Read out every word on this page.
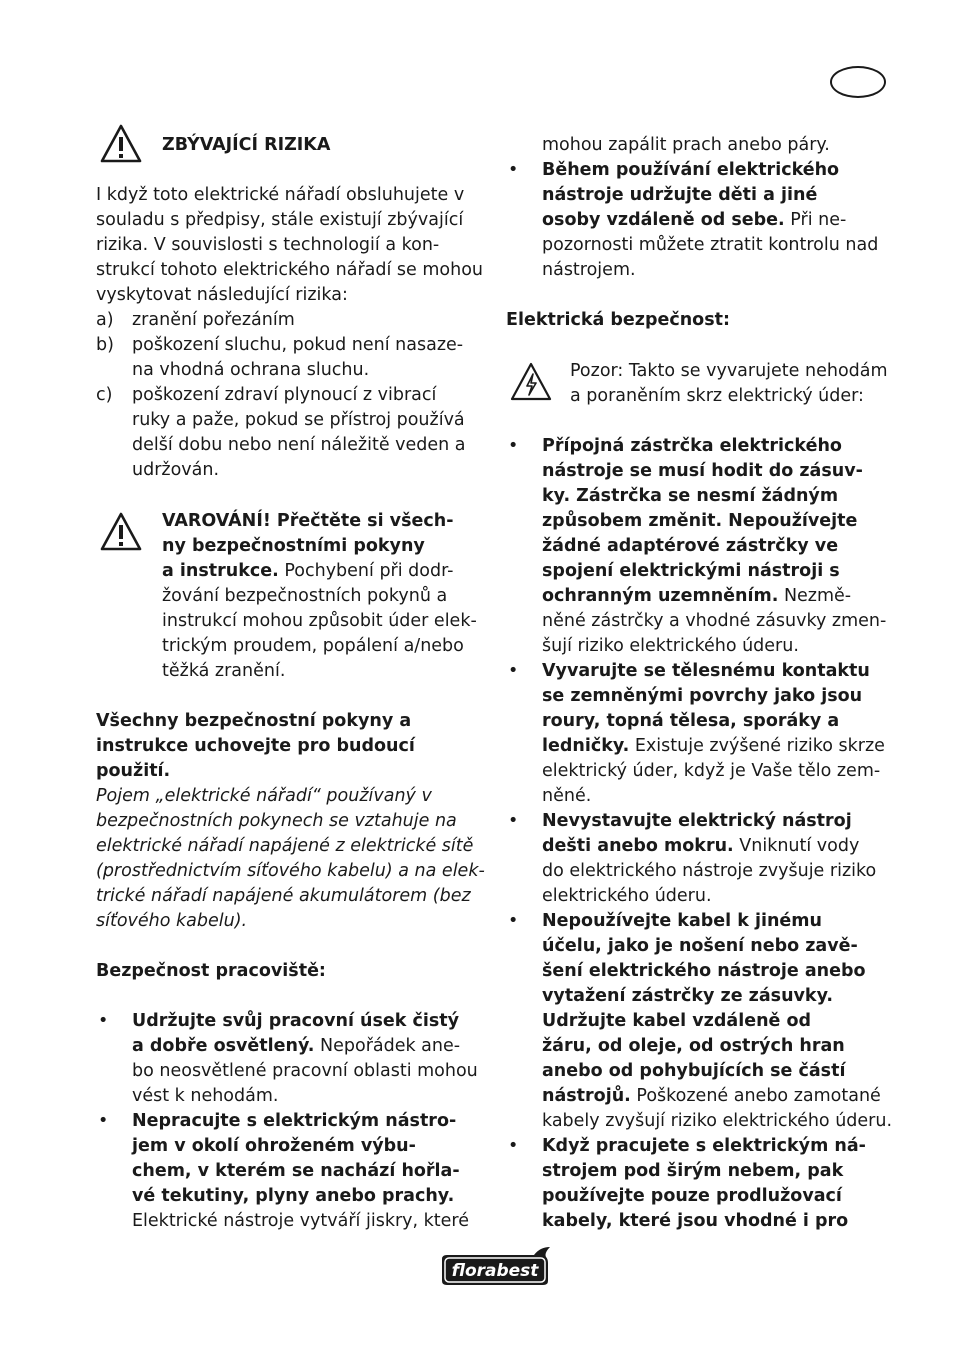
ZBÝVAJÍCÍ RIZIKA
I když toto elektrické nářadí obsluhujete v
souladu s předpisy, stále existují zbývající
rizika. V souvislosti s technologií a kon-
strukcí tohoto elektrického nářadí se mohou
vyskytovat následující rizika:
a) zranění pořezáním
b) poškození sluchu, pokud není nasaze-
na vhodná ochrana sluchu.
c) poškození zdraví plynoucí z vibrací
ruky a paže, pokud se přístroj používá
delší dobu nebo není náležitě veden a
udržován.
VAROVÁNÍ! Přečtěte si všech-
ny bezpečnostními pokyny
a instrukce. Pochybení při dodr-
žování bezpečnostních pokynů a
instrukcí mohou způsobit úder elek-
trickým proudem, popálení a/nebo
těžká zranění.
Všechny bezpečnostní pokyny a
instrukce uchovejte pro budoucí
použití.
Pojem „elektrické nářadí“ používaný v
bezpečnostních pokynech se vztahuje na
elektrické nářadí napájené z elektrické sítě
(prostřednictvím síťového kabelu) a na elek-
trické nářadí napájené akumulátorem (bez
síťového kabelu).
Bezpečnost pracoviště:
• Udržujte svůj pracovní úsek čistý
a dobře osvětlený. Nepořádek ane-
bo neosvětlené pracovní oblasti mohou
vést k nehodám.
• Nepracujte s elektrickým nástro-
jem v okolí ohroženém výbu-
chem, v kterém se nachází hořla-
vé tekutiny, plyny anebo prachy.
Elektrické nástroje vytváří jiskry, které
mohou zapálit prach anebo páry.
• Během používání elektrického
nástroje udržujte děti a jiné
osoby vzdáleně od sebe. Při ne-
pozornosti můžete ztratit kontrolu nad
nástrojem.
Elektrická bezpečnost:
Pozor: Takto se vyvarujete nehodám
a poraněním skrz elektrický úder:
• Přípojná zástrčka elektrického
nástroje se musí hodit do zásuv-
ky. Zástrčka se nesmí žádným
způsobem změnit. Nepoužívejte
žádné adaptérové zástrčky ve
spojení elektrickými nástroji s
ochranným uzemněním. Nezmě-
něné zástrčky a vhodné zásuvky zmen-
šují riziko elektrického úderu.
• Vyvarujte se tělesnému kontaktu
se zemněnými povrchy jako jsou
roury, topná tělesa, sporáky a
ledničky. Existuje zvýšené riziko skrze
elektrický úder, když je Vaše tělo zem-
něné.
• Nevystavujte elektrický nástroj
dešti anebo mokru. Vniknutí vody
do elektrického nástroje zvyšuje riziko
elektrického úderu.
• Nepoužívejte kabel k jinému
účelu, jako je nošení nebo zavě-
šení elektrického nástroje anebo
vytažení zástrčky ze zásuvky.
Udržujte kabel vzdáleně od
žáru, od oleje, od ostrých hran
anebo od pohybujících se částí
nástrojů. Poškozené anebo zamotané
kabely zvyšují riziko elektrického úderu.
• Když pracujete s elektrickým ná-
strojem pod širým nebem, pak
používejte pouze prodlužovací
kabely, které jsou vhodné i pro
florabest
